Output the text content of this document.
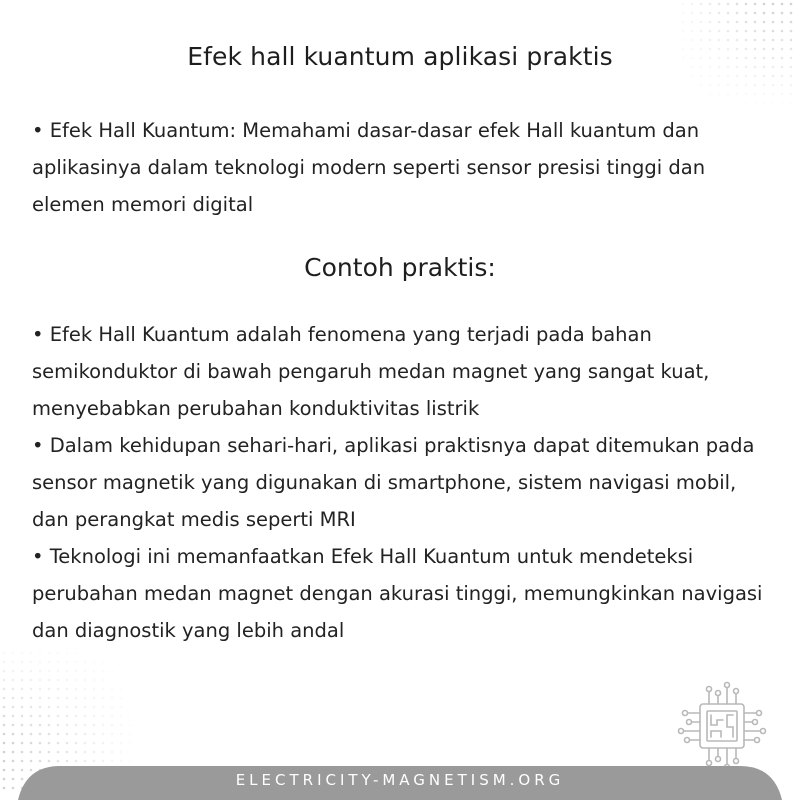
Efek hall kuantum aplikasi praktis
• Efek Hall Kuantum: Memahami dasar-dasar efek Hall kuantum dan aplikasinya dalam teknologi modern seperti sensor presisi tinggi dan elemen memori digital
Contoh praktis:

• Efek Hall Kuantum adalah fenomena yang terjadi pada bahan semikonduktor di bawah pengaruh medan magnet yang sangat kuat, menyebabkan perubahan konduktivitas listrik

• Dalam kehidupan sehari-hari, aplikasi praktisnya dapat ditemukan pada sensor magnetik yang digunakan di smartphone, sistem navigasi mobil, dan perangkat medis seperti MRI

• Teknologi ini memanfaatkan Efek Hall Kuantum untuk mendeteksi perubahan medan magnet dengan akurasi tinggi, memungkinkan navigasi dan diagnostik yang lebih andal

ELECTRICITY-MAGNETISM.ORG
